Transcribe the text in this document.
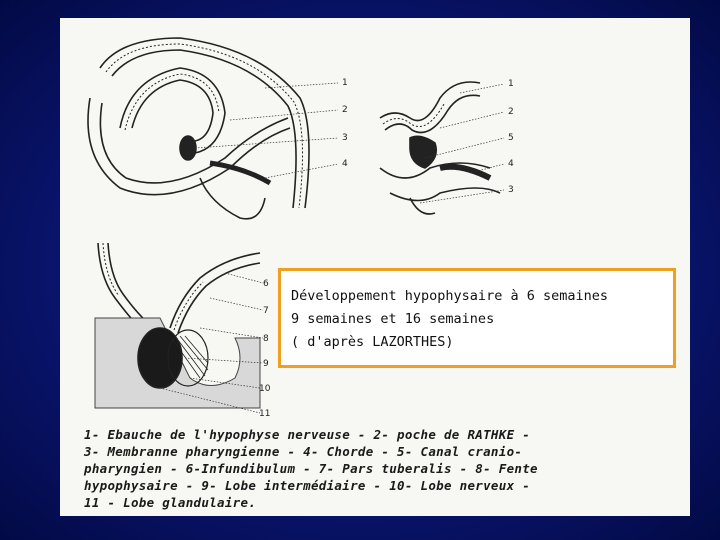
1
2
3
4
1
2
5
4
3
6
7
8
9
10
11
Développement hypophysaire à 6 semaines
9 semaines et 16 semaines
( d'après LAZORTHES)
1- Ebauche de l'hypophyse nerveuse - 2- poche de RATHKE -
3- Membranne pharyngienne - 4- Chorde - 5- Canal cranio-
pharyngien - 6-Infundibulum - 7- Pars tuberalis - 8- Fente
hypophysaire - 9- Lobe intermédiaire - 10- Lobe nerveux -
11 - Lobe glandulaire.
